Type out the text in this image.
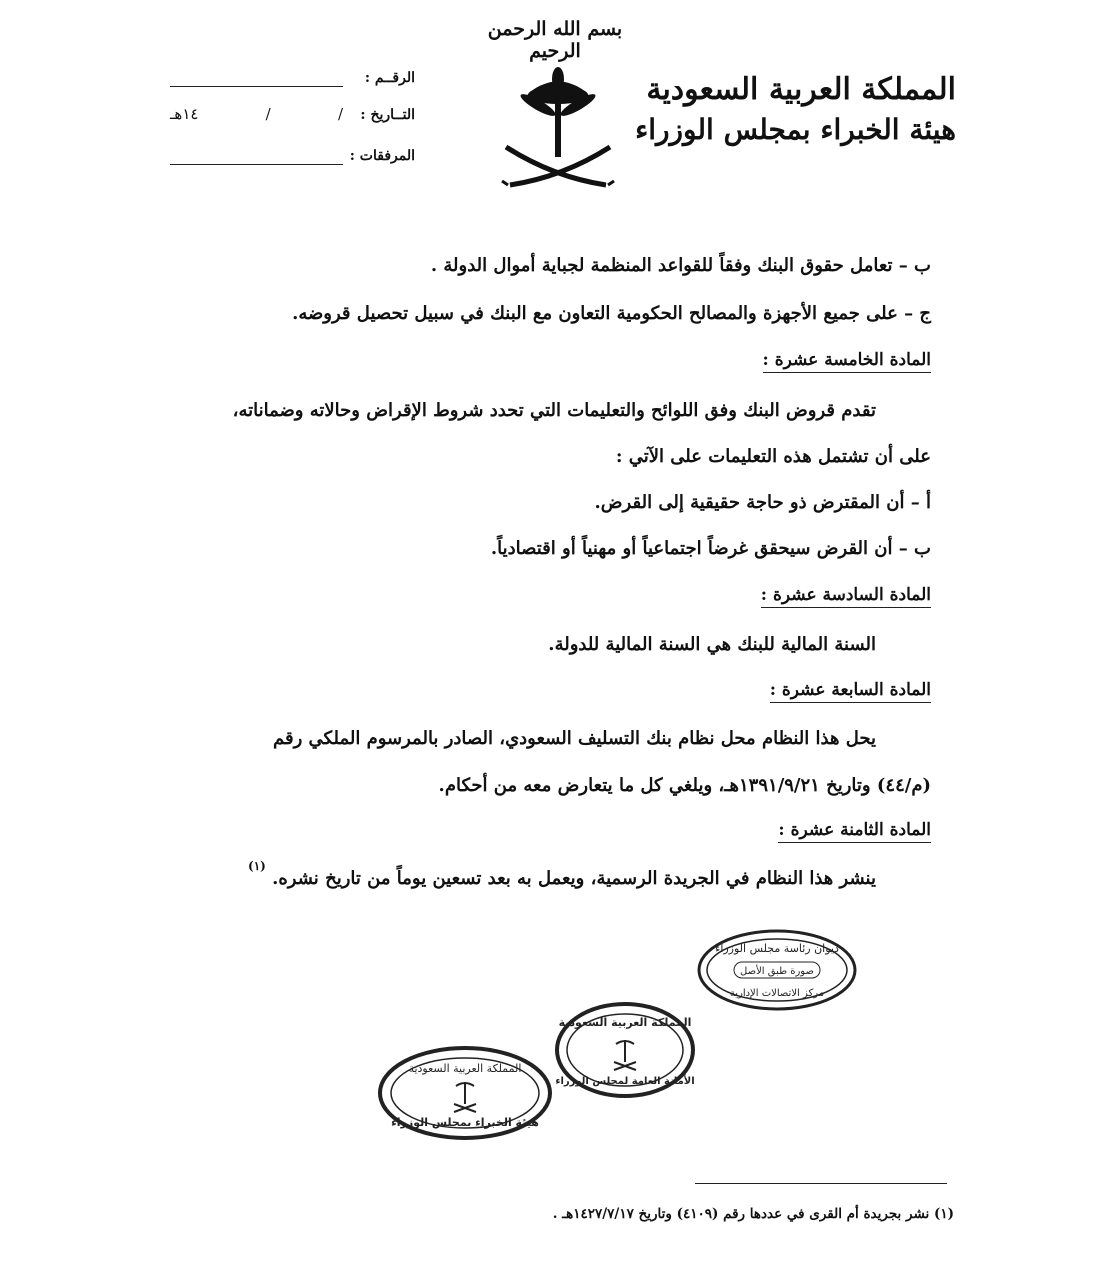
بسم الله الرحمن الرحيم
المملكة العربية السعودية
هيئة الخبراء بمجلس الوزراء
الرقــم :
التــاريخ :
/
/
١٤هـ
المرفقات :
ب – تعامل حقوق البنك وفقاً للقواعد المنظمة لجباية أموال الدولة .
ج – على جميع الأجهزة والمصالح الحكومية التعاون مع البنك في سبيل تحصيل قروضه.
المادة الخامسة عشرة :
تقدم قروض البنك وفق اللوائح والتعليمات التي تحدد شروط الإقراض وحالاته وضماناته،
على أن تشتمل هذه التعليمات على الآتي :
أ – أن المقترض ذو حاجة حقيقية إلى القرض.
ب – أن القرض سيحقق غرضاً اجتماعياً أو مهنياً أو اقتصادياً.
المادة السادسة عشرة :
السنة المالية للبنك هي السنة المالية للدولة.
المادة السابعة عشرة :
يحل هذا النظام محل نظام بنك التسليف السعودي، الصادر بالمرسوم الملكي رقم
(م/٤٤) وتاريخ ١٣٩١/٩/٢١هـ، ويلغي كل ما يتعارض معه من أحكام.
المادة الثامنة عشرة :
ينشر هذا النظام في الجريدة الرسمية، ويعمل به بعد تسعين يوماً من تاريخ نشره. $^{(١)}$
ديوان رئاسة مجلس الوزراء
صورة طبق الأصل
مركز الاتصالات الإدارية
المملكة العربية السعودية
الأمانة العامة لمجلس الوزراء
المملكة العربية السعودية
هيئة الخبراء بمجلس الوزراء
(١) نشر بجريدة أم القرى في عددها رقم (٤١٠٩) وتاريخ ١٤٢٧/٧/١٧هـ .
